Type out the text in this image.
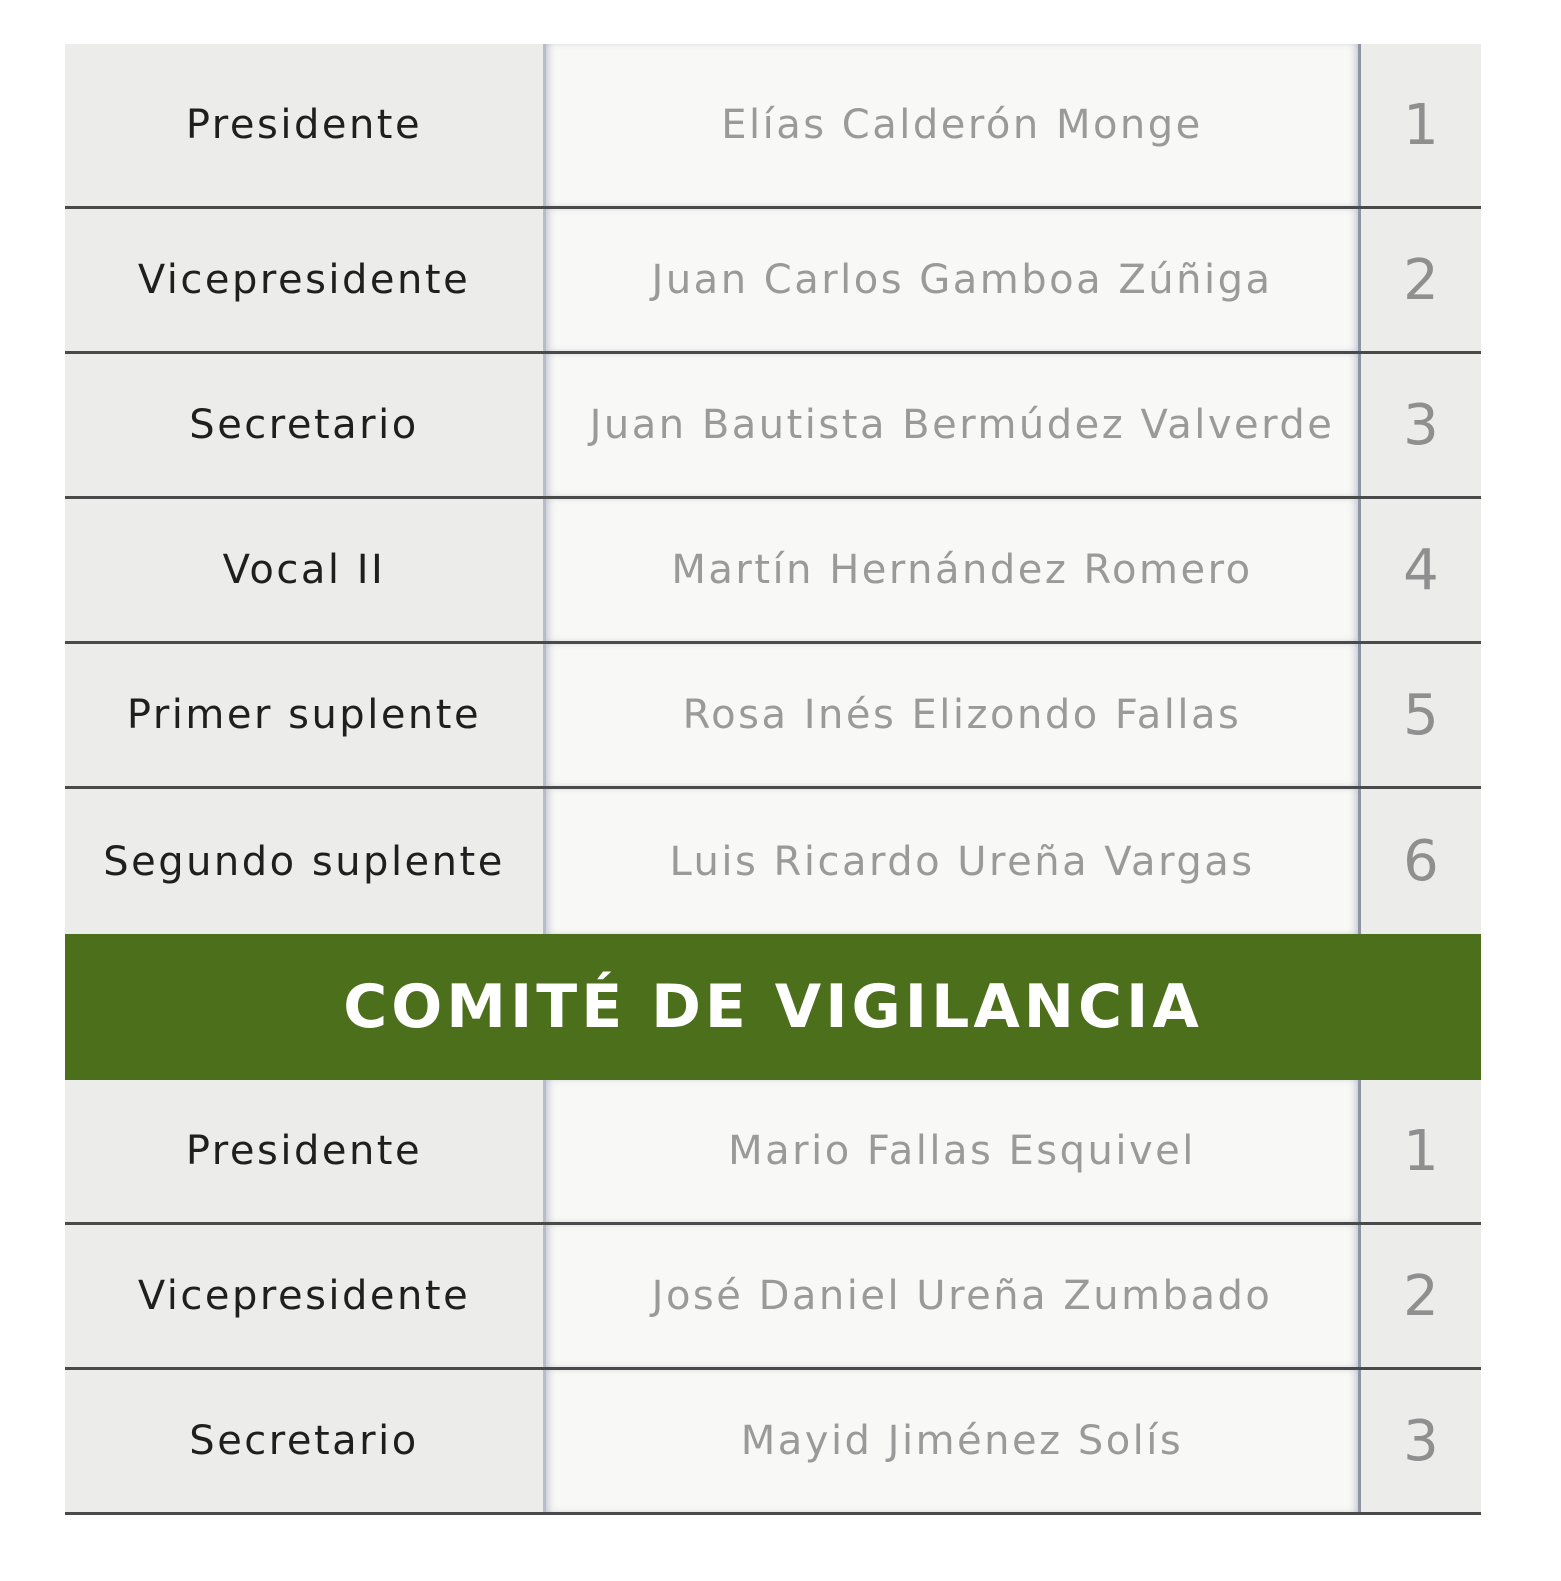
Presidente	Elías Calderón Monge	1
Vicepresidente	Juan Carlos Gamboa Zúñiga	2
Secretario	Juan Bautista Bermúdez Valverde	3
Vocal II	Martín Hernández Romero	4
Primer suplente	Rosa Inés Elizondo Fallas	5
Segundo suplente	Luis Ricardo Ureña Vargas	6
COMITÉ DE VIGILANCIA
Presidente	Mario Fallas Esquivel	1
Vicepresidente	José Daniel Ureña Zumbado	2
Secretario	Mayid Jiménez Solís	3
